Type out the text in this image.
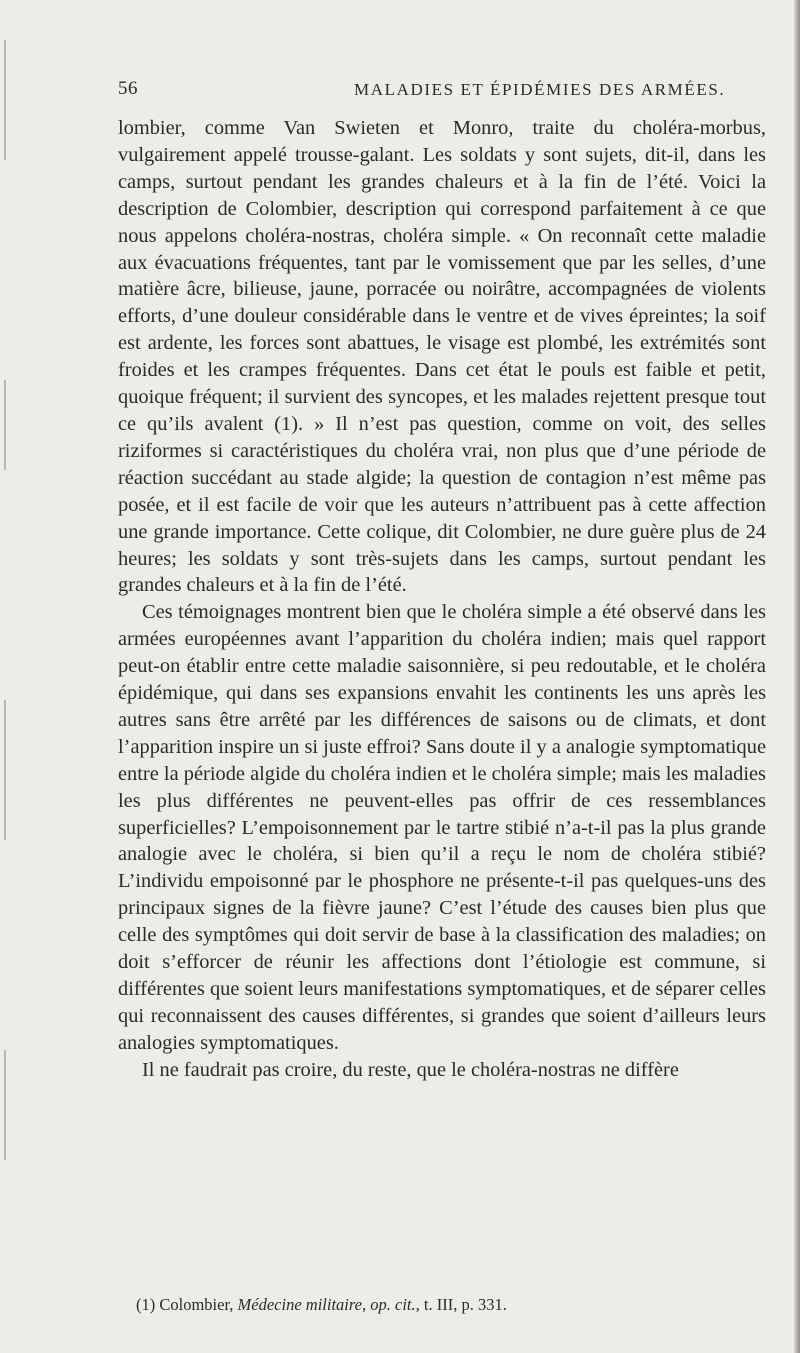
56	MALADIES ET ÉPIDÉMIES DES ARMÉES.

lombier, comme Van Swieten et Monro, traite du choléra-morbus, vulgairement appelé trousse-galant. Les soldats y sont sujets, dit-il, dans les camps, surtout pendant les grandes chaleurs et à la fin de l’été. Voici la description de Colombier, description qui correspond parfaitement à ce que nous appelons choléra-nostras, choléra simple. « On reconnaît cette maladie aux évacuations fréquentes, tant par le vomissement que par les selles, d’une matière âcre, bilieuse, jaune, porracée ou noirâtre, accompagnées de violents efforts, d’une douleur considérable dans le ventre et de vives épreintes; la soif est ardente, les forces sont abattues, le visage est plombé, les extrémités sont froides et les crampes fréquentes. Dans cet état le pouls est faible et petit, quoique fréquent; il survient des syncopes, et les malades rejettent presque tout ce qu’ils avalent (1). » Il n’est pas question, comme on voit, des selles riziformes si caractéristiques du choléra vrai, non plus que d’une période de réaction succédant au stade algide; la question de contagion n’est même pas posée, et il est facile de voir que les auteurs n’attribuent pas à cette affection une grande importance. Cette colique, dit Colombier, ne dure guère plus de 24 heures; les soldats y sont très-sujets dans les camps, surtout pendant les grandes chaleurs et à la fin de l’été.

Ces témoignages montrent bien que le choléra simple a été observé dans les armées européennes avant l’apparition du choléra indien; mais quel rapport peut-on établir entre cette maladie saisonnière, si peu redoutable, et le choléra épidémique, qui dans ses expansions envahit les continents les uns après les autres sans être arrêté par les différences de saisons ou de climats, et dont l’apparition inspire un si juste effroi? Sans doute il y a analogie symptomatique entre la période algide du choléra indien et le choléra simple; mais les maladies les plus différentes ne peuvent-elles pas offrir de ces ressemblances superficielles? L’empoisonnement par le tartre stibié n’a-t-il pas la plus grande analogie avec le choléra, si bien qu’il a reçu le nom de choléra stibié? L’individu empoisonné par le phosphore ne présente-t-il pas quelques-uns des principaux signes de la fièvre jaune? C’est l’étude des causes bien plus que celle des symptômes qui doit servir de base à la classification des maladies; on doit s’efforcer de réunir les affections dont l’étiologie est commune, si différentes que soient leurs manifestations symptomatiques, et de séparer celles qui reconnaissent des causes différentes, si grandes que soient d’ailleurs leurs analogies symptomatiques.

Il ne faudrait pas croire, du reste, que le choléra-nostras ne diffère

(1) Colombier, Médecine militaire, op. cit., t. III, p. 331.
